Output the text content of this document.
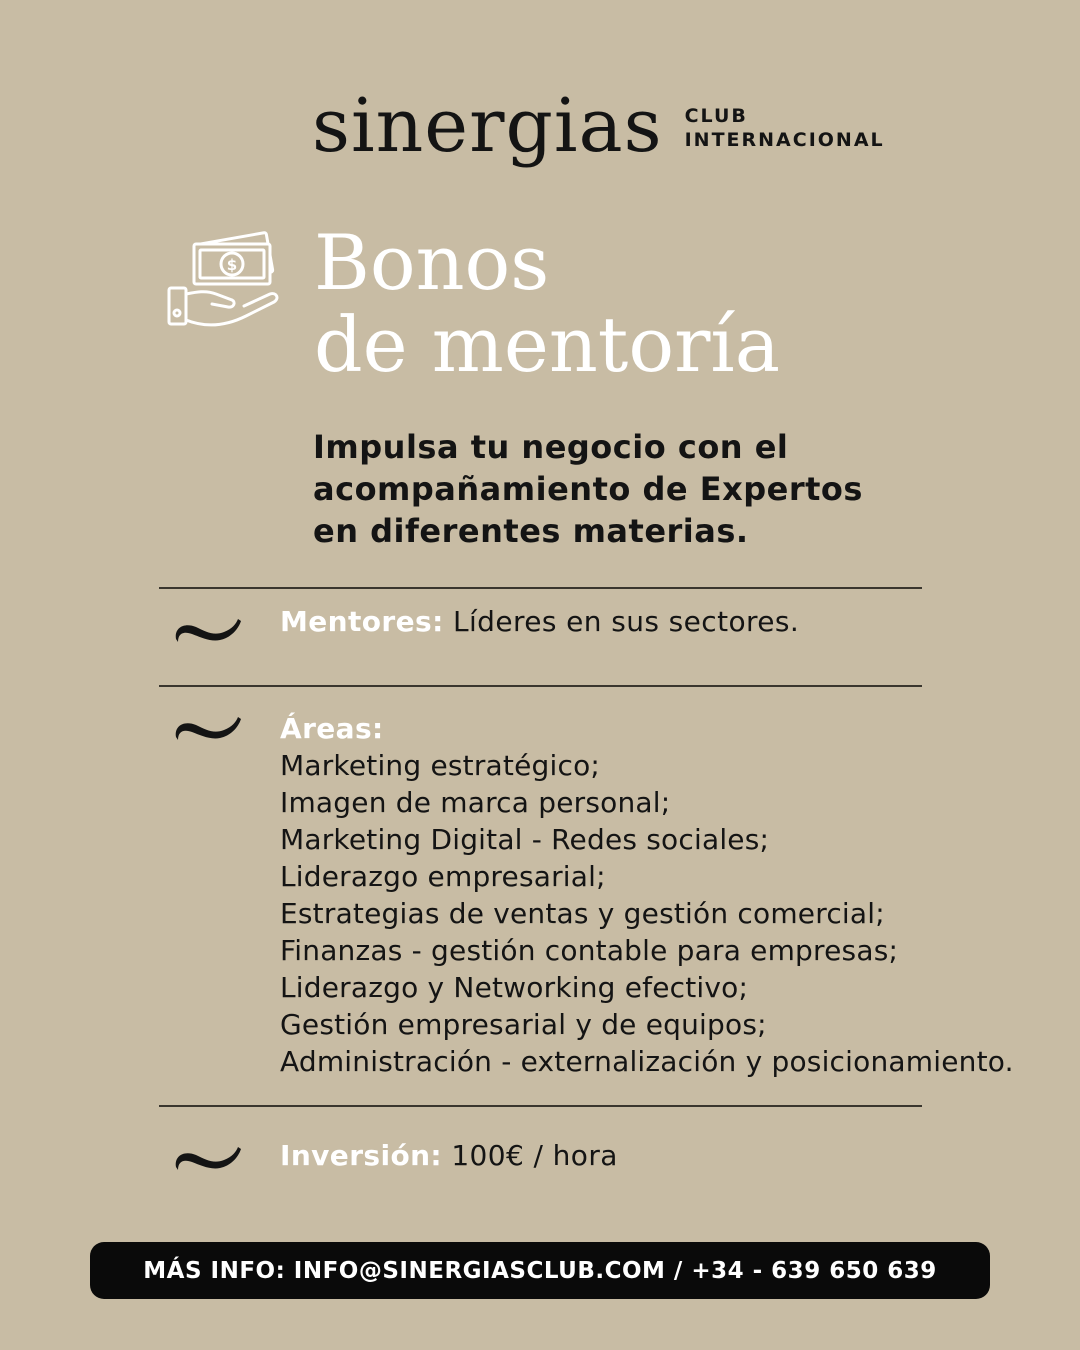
sinergias CLUB
INTERNACIONAL
$ Bonos
de mentoría
Impulsa tu negocio con el
acompañamiento de Expertos
en diferentes materias.
Mentores: Líderes en sus sectores.
Áreas:
Marketing estratégico;
Imagen de marca personal;
Marketing Digital - Redes sociales;
Liderazgo empresarial;
Estrategias de ventas y gestión comercial;
Finanzas - gestión contable para empresas;
Liderazgo y Networking efectivo;
Gestión empresarial y de equipos;
Administración - externalización y posicionamiento.
Inversión: 100€ / hora
MÁS INFO: INFO@SINERGIASCLUB.COM / +34 - 639 650 639
